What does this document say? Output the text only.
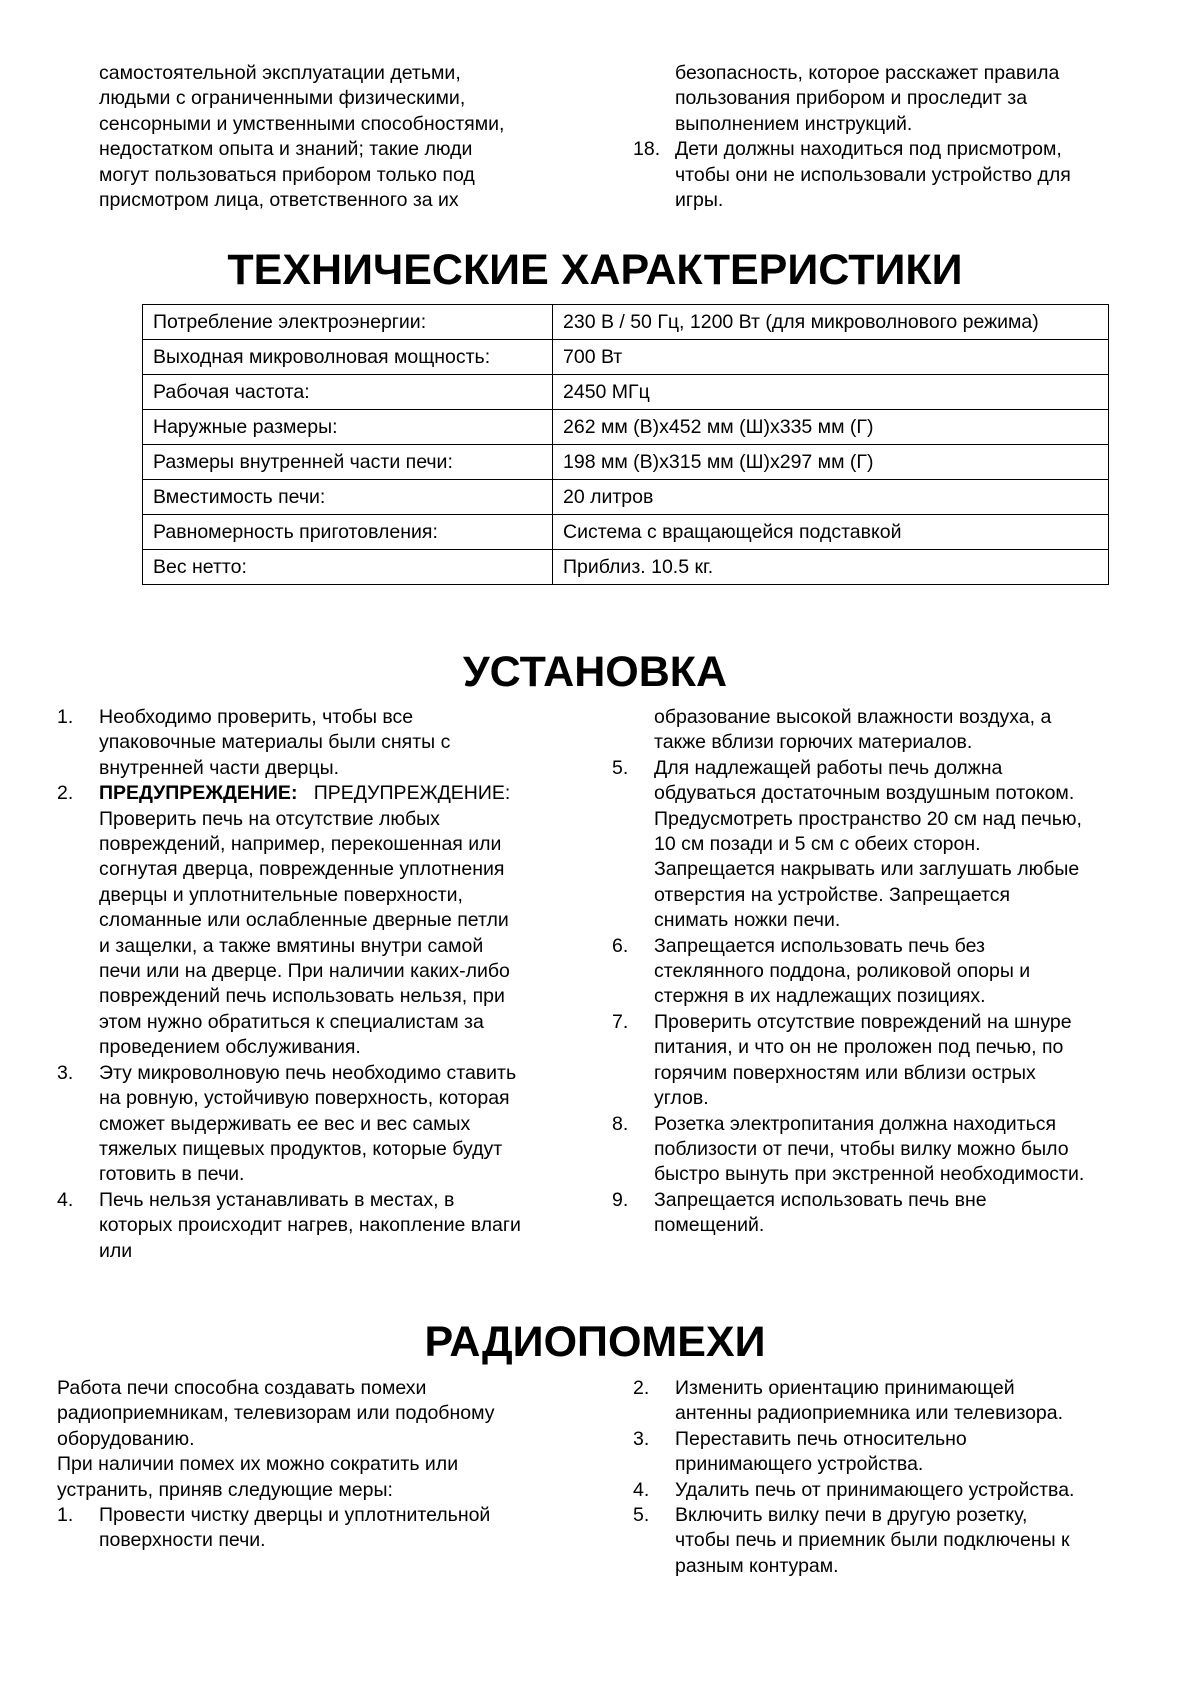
самостоятельной эксплуатации детьми,
людьми с ограниченными физическими,
сенсорными и умственными способностями,
недостатком опыта и знаний; такие люди
могут пользоваться прибором только под
присмотром лица, ответственного за их
безопасность, которое расскажет правила
пользования прибором и проследит за
выполнением инструкций.
18. Дети должны находиться под присмотром,
чтобы они не использовали устройство для
игры.
ТЕХНИЧЕСКИЕ ХАРАКТЕРИСТИКИ
Потребление электроэнергии:	230 В / 50 Гц, 1200 Вт (для микроволнового режима)
Выходная микроволновая мощность:	700 Вт
Рабочая частота:	2450 МГц
Наружные размеры:	262 мм (В)x452 мм (Ш)x335 мм (Г)
Размеры внутренней части печи:	198 мм (В)x315 мм (Ш)x297 мм (Г)
Вместимость печи:	20 литров
Равномерность приготовления:	Система с вращающейся подставкой
Вес нетто:	Приблиз. 10.5 кг.
УСТАНОВКА
1. Необходимо проверить, чтобы все
упаковочные материалы были сняты с
внутренней части дверцы.
2. ПРЕДУПРЕЖДЕНИЕ: ПРЕДУПРЕЖДЕНИЕ:
Проверить печь на отсутствие любых
повреждений, например, перекошенная или
согнутая дверца, поврежденные уплотнения
дверцы и уплотнительные поверхности,
сломанные или ослабленные дверные петли
и защелки, а также вмятины внутри самой
печи или на дверце. При наличии каких-либо
повреждений печь использовать нельзя, при
этом нужно обратиться к специалистам за
проведением обслуживания.
3. Эту микроволновую печь необходимо ставить
на ровную, устойчивую поверхность, которая
сможет выдерживать ее вес и вес самых
тяжелых пищевых продуктов, которые будут
готовить в печи.
4. Печь нельзя устанавливать в местах, в
которых происходит нагрев, накопление влаги
или
образование высокой влажности воздуха, а
также вблизи горючих материалов.
5. Для надлежащей работы печь должна
обдуваться достаточным воздушным потоком.
Предусмотреть пространство 20 см над печью,
10 см позади и 5 см с обеих сторон.
Запрещается накрывать или заглушать любые
отверстия на устройстве. Запрещается
снимать ножки печи.
6. Запрещается использовать печь без
стеклянного поддона, роликовой опоры и
стержня в их надлежащих позициях.
7. Проверить отсутствие повреждений на шнуре
питания, и что он не проложен под печью, по
горячим поверхностям или вблизи острых
углов.
8. Розетка электропитания должна находиться
поблизости от печи, чтобы вилку можно было
быстро вынуть при экстренной необходимости.
9. Запрещается использовать печь вне
помещений.
РАДИОПОМЕХИ
Работа печи способна создавать помехи
радиоприемникам, телевизорам или подобному
оборудованию.
При наличии помех их можно сократить или
устранить, приняв следующие меры:
1. Провести чистку дверцы и уплотнительной
поверхности печи.
2. Изменить ориентацию принимающей
антенны радиоприемника или телевизора.
3. Переставить печь относительно
принимающего устройства.
4. Удалить печь от принимающего устройства.
5. Включить вилку печи в другую розетку,
чтобы печь и приемник были подключены к
разным контурам.
